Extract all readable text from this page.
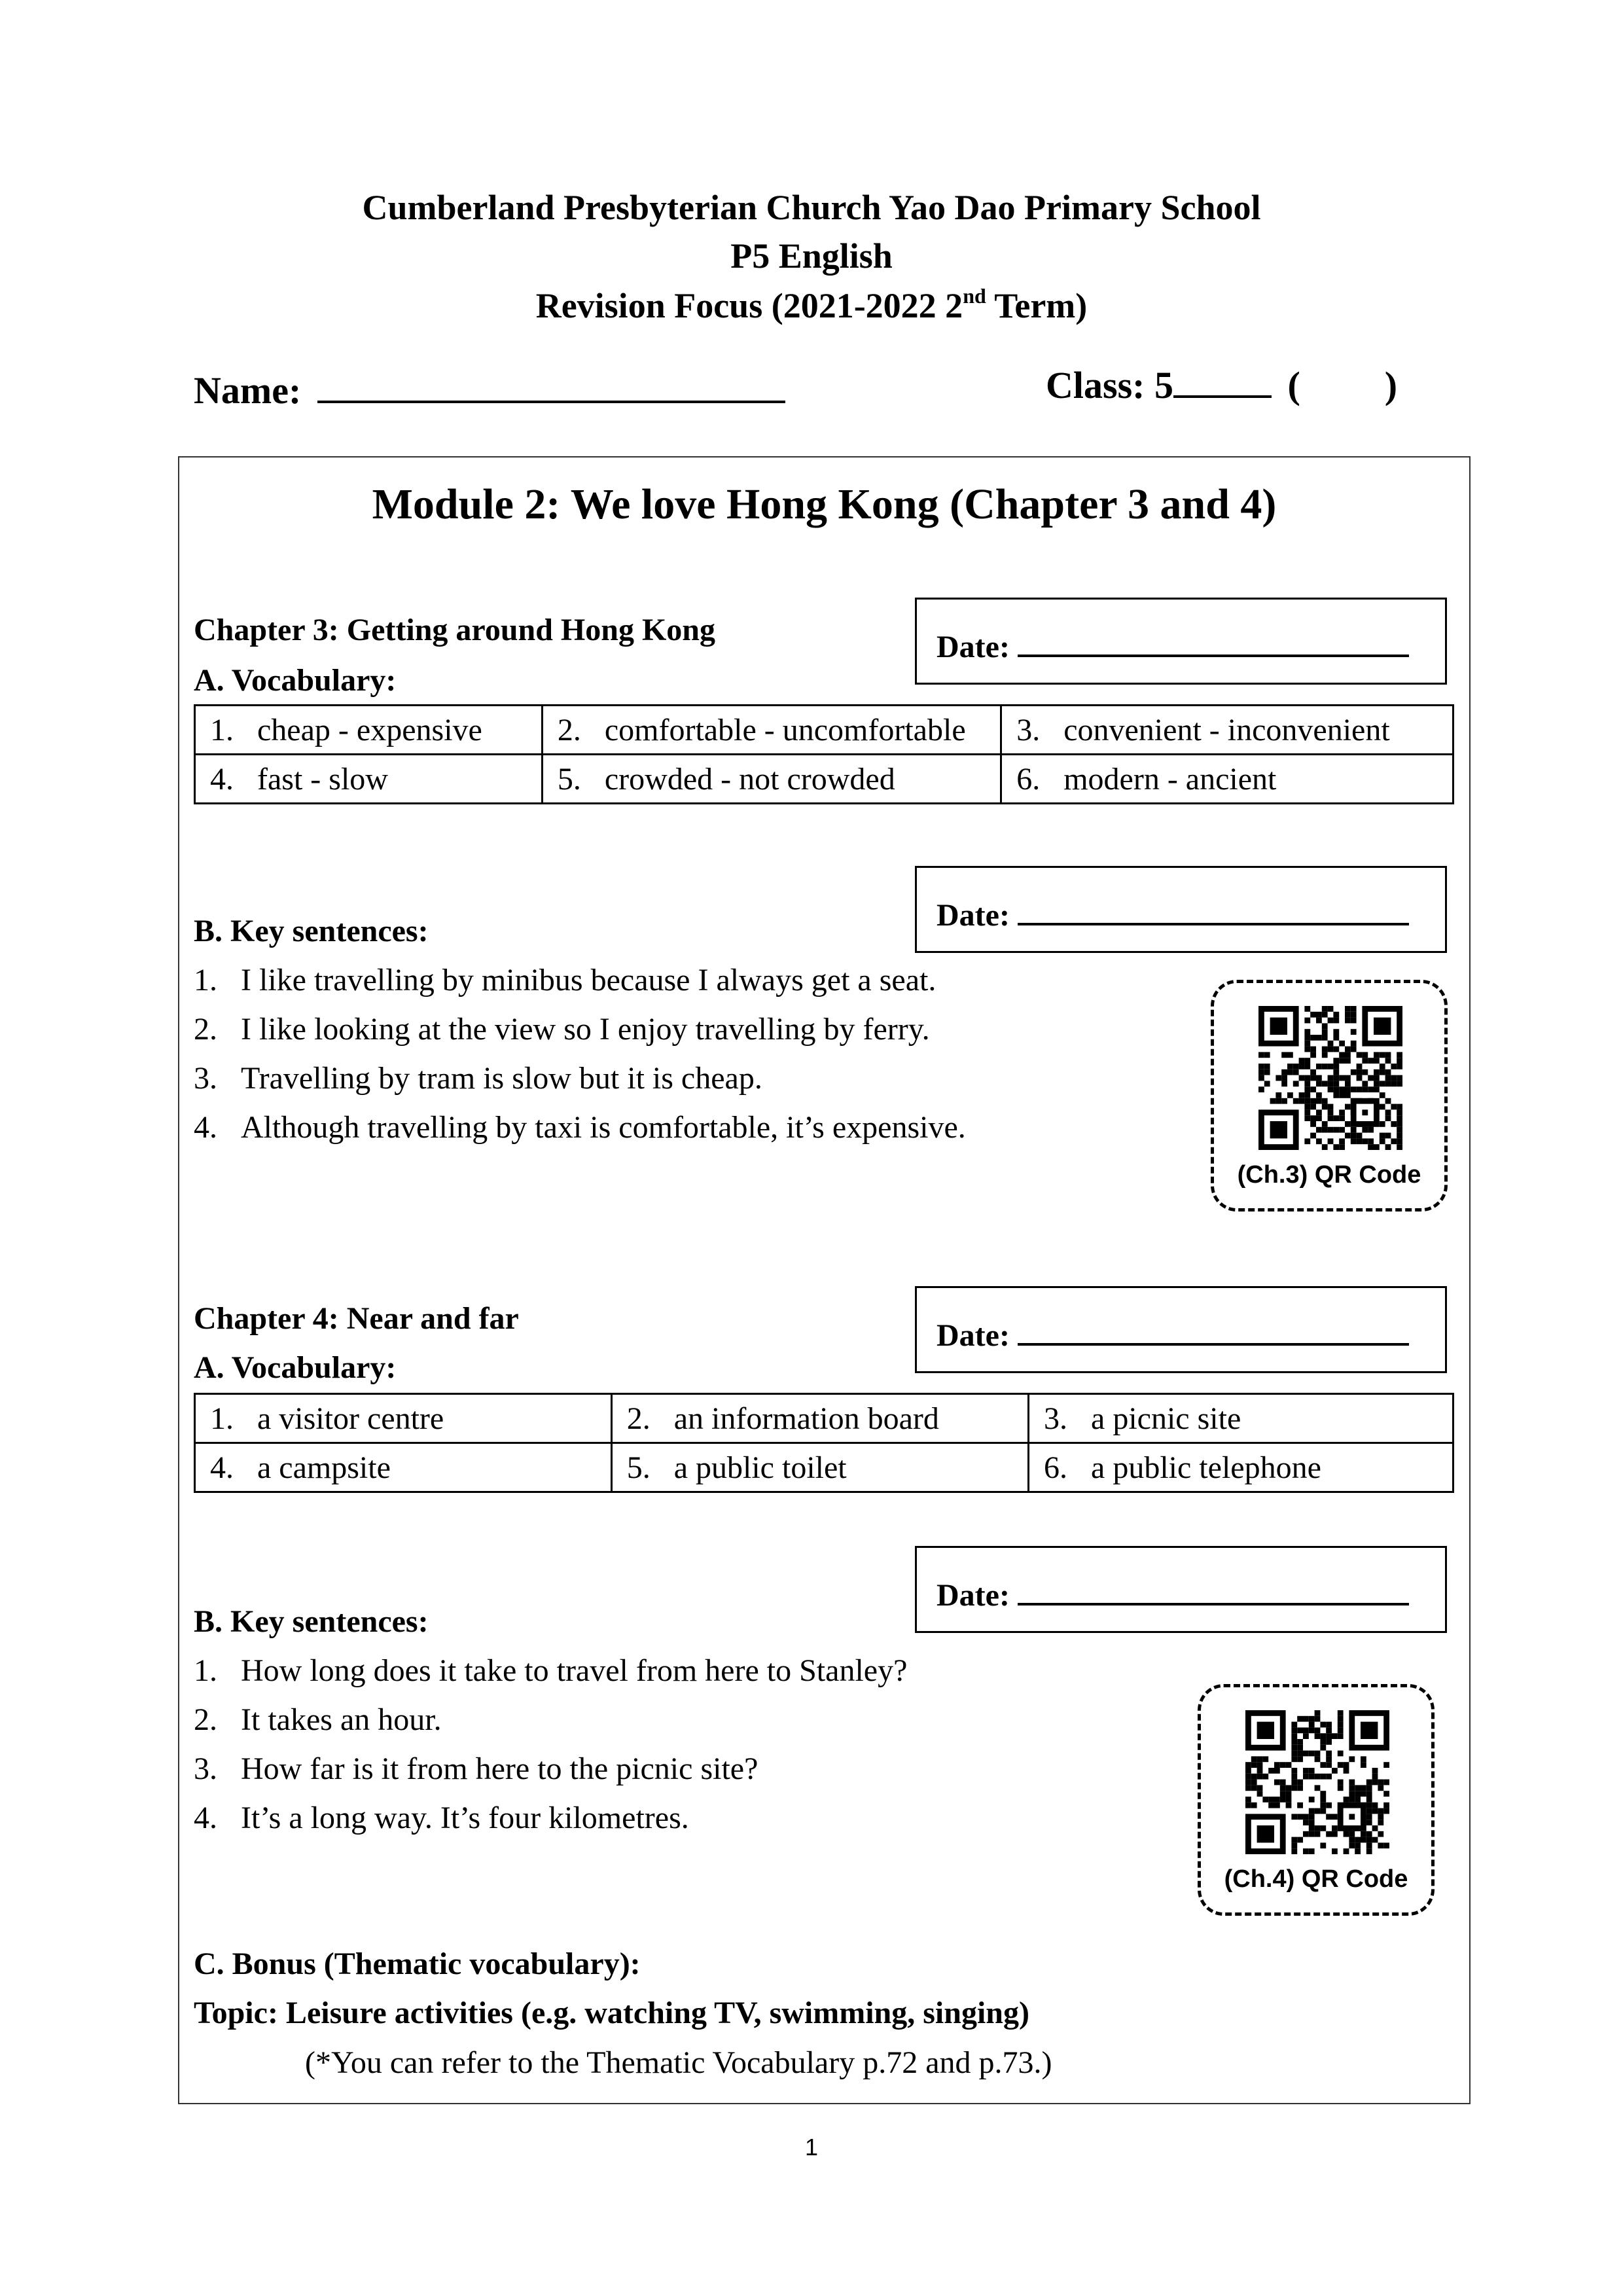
Cumberland Presbyterian Church Yao Dao Primary School
P5 English
Revision Focus (2021-2022 2nd Term)
Name:	Class: 5	( )
Module 2: We love Hong Kong (Chapter 3 and 4)
Chapter 3: Getting around Hong Kong	Date:
A. Vocabulary:
1. cheap - expensive	2. comfortable - uncomfortable	3. convenient - inconvenient
4. fast - slow	5. crowded - not crowded	6. modern - ancient
Date:
B. Key sentences:
1. I like travelling by minibus because I always get a seat.
2. I like looking at the view so I enjoy travelling by ferry.
3. Travelling by tram is slow but it is cheap.
4. Although travelling by taxi is comfortable, it’s expensive.
(Ch.3) QR Code
Chapter 4: Near and far	Date:
A. Vocabulary:
1. a visitor centre	2. an information board	3. a picnic site
4. a campsite	5. a public toilet	6. a public telephone
Date:
B. Key sentences:
1. How long does it take to travel from here to Stanley?
2. It takes an hour.
3. How far is it from here to the picnic site?
4. It’s a long way. It’s four kilometres.
(Ch.4) QR Code
C. Bonus (Thematic vocabulary):
Topic: Leisure activities (e.g. watching TV, swimming, singing)
(*You can refer to the Thematic Vocabulary p.72 and p.73.)
1
